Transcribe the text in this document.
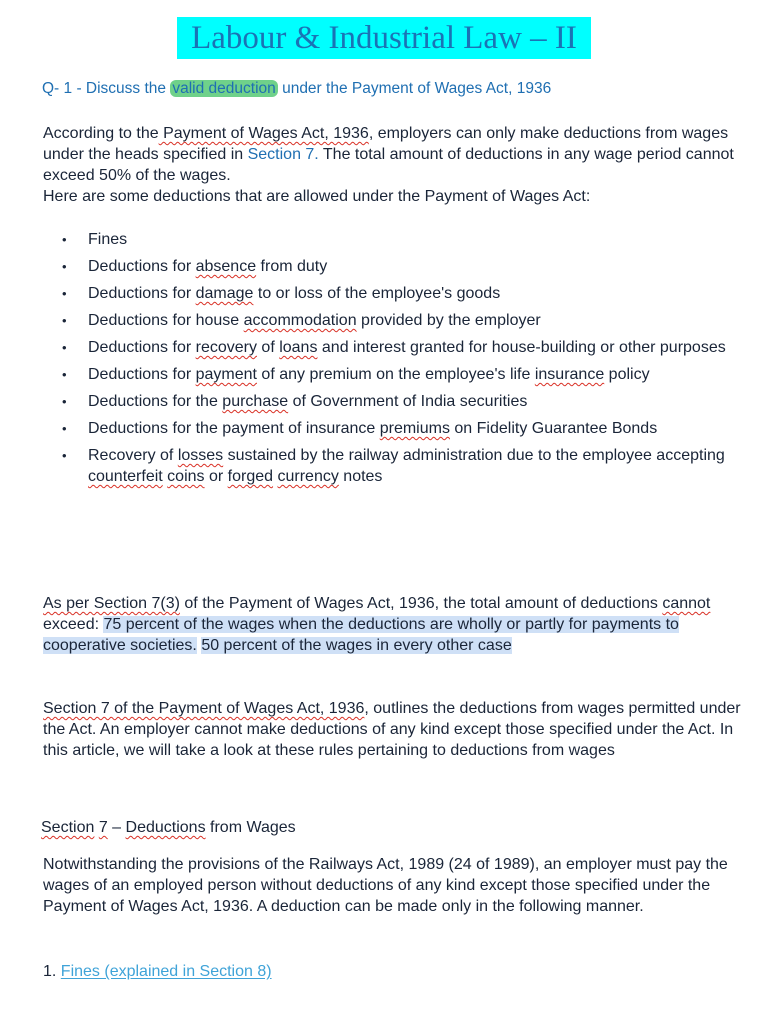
Labour & Industrial Law – II
Q- 1 - Discuss the valid deduction under the Payment of Wages Act, 1936
According to the Payment of Wages Act, 1936, employers can only make deductions from wages under the heads specified in Section 7. The total amount of deductions in any wage period cannot exceed 50% of the wages.
Here are some deductions that are allowed under the Payment of Wages Act:
• Fines
• Deductions for absence from duty
• Deductions for damage to or loss of the employee's goods
• Deductions for house accommodation provided by the employer
• Deductions for recovery of loans and interest granted for house-building or other purposes
• Deductions for payment of any premium on the employee's life insurance policy
• Deductions for the purchase of Government of India securities
• Deductions for the payment of insurance premiums on Fidelity Guarantee Bonds
• Recovery of losses sustained by the railway administration due to the employee accepting counterfeit coins or forged currency notes
As per Section 7(3) of the Payment of Wages Act, 1936, the total amount of deductions cannot exceed: 75 percent of the wages when the deductions are wholly or partly for payments to cooperative societies. 50 percent of the wages in every other case
Section 7 of the Payment of Wages Act, 1936, outlines the deductions from wages permitted under the Act. An employer cannot make deductions of any kind except those specified under the Act. In this article, we will take a look at these rules pertaining to deductions from wages
Section 7 – Deductions from Wages
Notwithstanding the provisions of the Railways Act, 1989 (24 of 1989), an employer must pay the wages of an employed person without deductions of any kind except those specified under the Payment of Wages Act, 1936. A deduction can be made only in the following manner.
1. Fines (explained in Section 8)
